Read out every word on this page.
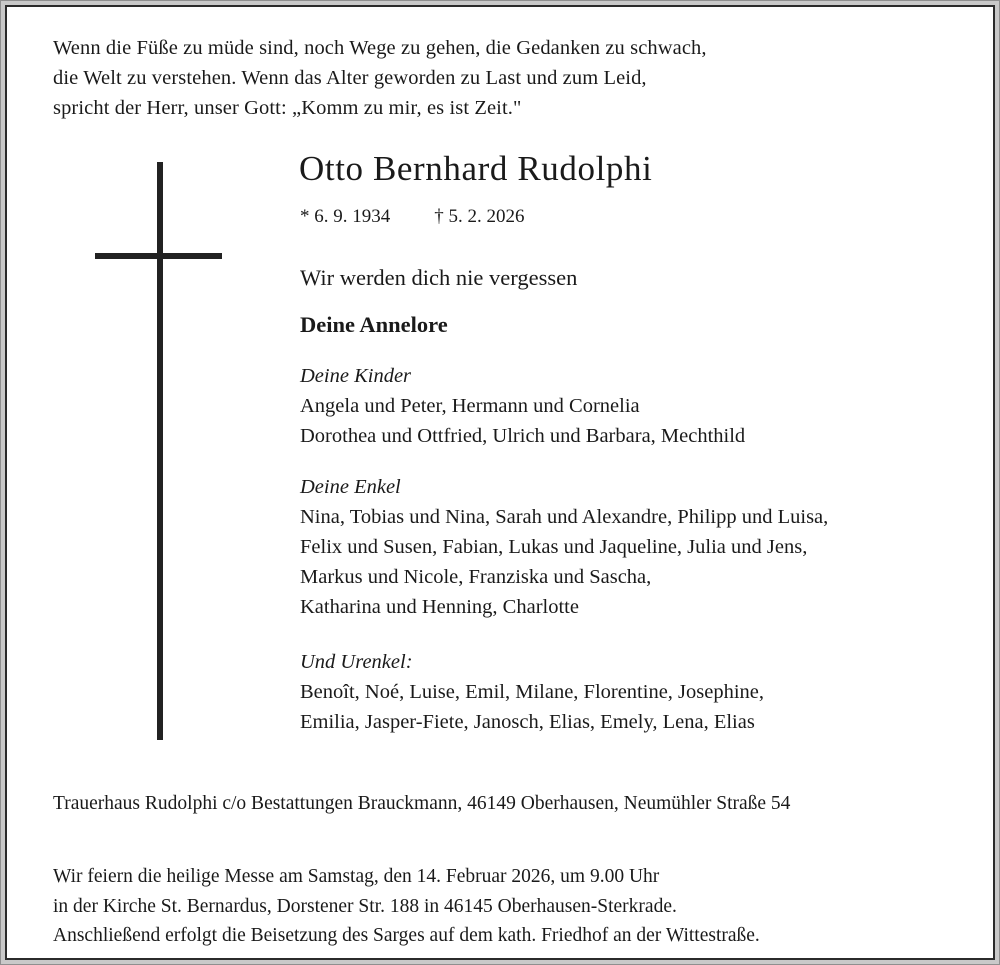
Wenn die Füße zu müde sind, noch Wege zu gehen, die Gedanken zu schwach,
die Welt zu verstehen. Wenn das Alter geworden zu Last und zum Leid,
spricht der Herr, unser Gott: „Komm zu mir, es ist Zeit."
Otto Bernhard Rudolphi
* 6. 9. 1934 † 5. 2. 2026
Wir werden dich nie vergessen
Deine Annelore
Deine Kinder
Angela und Peter, Hermann und Cornelia
Dorothea und Ottfried, Ulrich und Barbara, Mechthild
Deine Enkel
Nina, Tobias und Nina, Sarah und Alexandre, Philipp und Luisa,
Felix und Susen, Fabian, Lukas und Jaqueline, Julia und Jens,
Markus und Nicole, Franziska und Sascha,
Katharina und Henning, Charlotte
Und Urenkel:
Benoît, Noé, Luise, Emil, Milane, Florentine, Josephine,
Emilia, Jasper-Fiete, Janosch, Elias, Emely, Lena, Elias
Trauerhaus Rudolphi c/o Bestattungen Brauckmann, 46149 Oberhausen, Neumühler Straße 54
Wir feiern die heilige Messe am Samstag, den 14. Februar 2026, um 9.00 Uhr
in der Kirche St. Bernardus, Dorstener Str. 188 in 46145 Oberhausen-Sterkrade.
Anschließend erfolgt die Beisetzung des Sarges auf dem kath. Friedhof an der Wittestraße.
